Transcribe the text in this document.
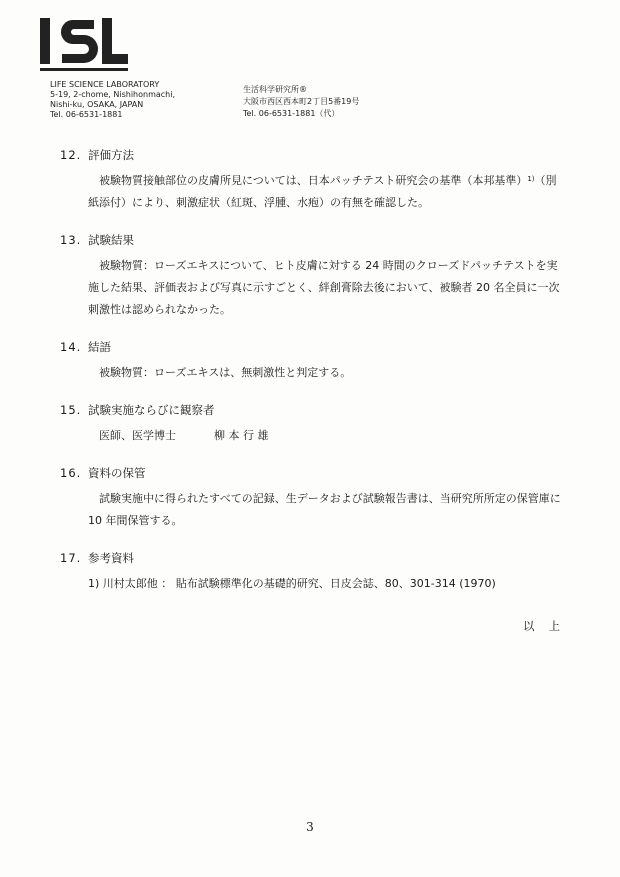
LIFE SCIENCE LABORATORY
5-19, 2-chome, Nishihonmachi,
Nishi-ku, OSAKA, JAPAN
Tel. 06-6531-1881
生活科学研究所®
大阪市西区西本町2丁目5番19号
Tel. 06-6531-1881（代）
12. 評価方法

被験物質接触部位の皮膚所見については、日本パッチテスト研究会の基準（本邦基準）$^{1)}$（別紙添付）により、刺激症状（紅斑、浮腫、水疱）の有無を確認した。

13. 試験結果

被験物質：ローズエキスについて、ヒト皮膚に対する 24 時間のクローズドパッチテストを実施した結果、評価表および写真に示すごとく、絆創膏除去後において、被験者 20 名全員に一次刺激性は認められなかった。

14. 結語

被験物質：ローズエキスは、無刺激性と判定する。

15. 試験実施ならびに観察者

医師、医学博士	柳 本 行 雄

16. 資料の保管

試験実施中に得られたすべての記録、生データおよび試験報告書は、当研究所所定の保管庫に 10 年間保管する。

17. 参考資料

1) 川村太郎他 ： 貼布試験標準化の基礎的研究、日皮会誌、80、301-314 (1970)

以上
3
